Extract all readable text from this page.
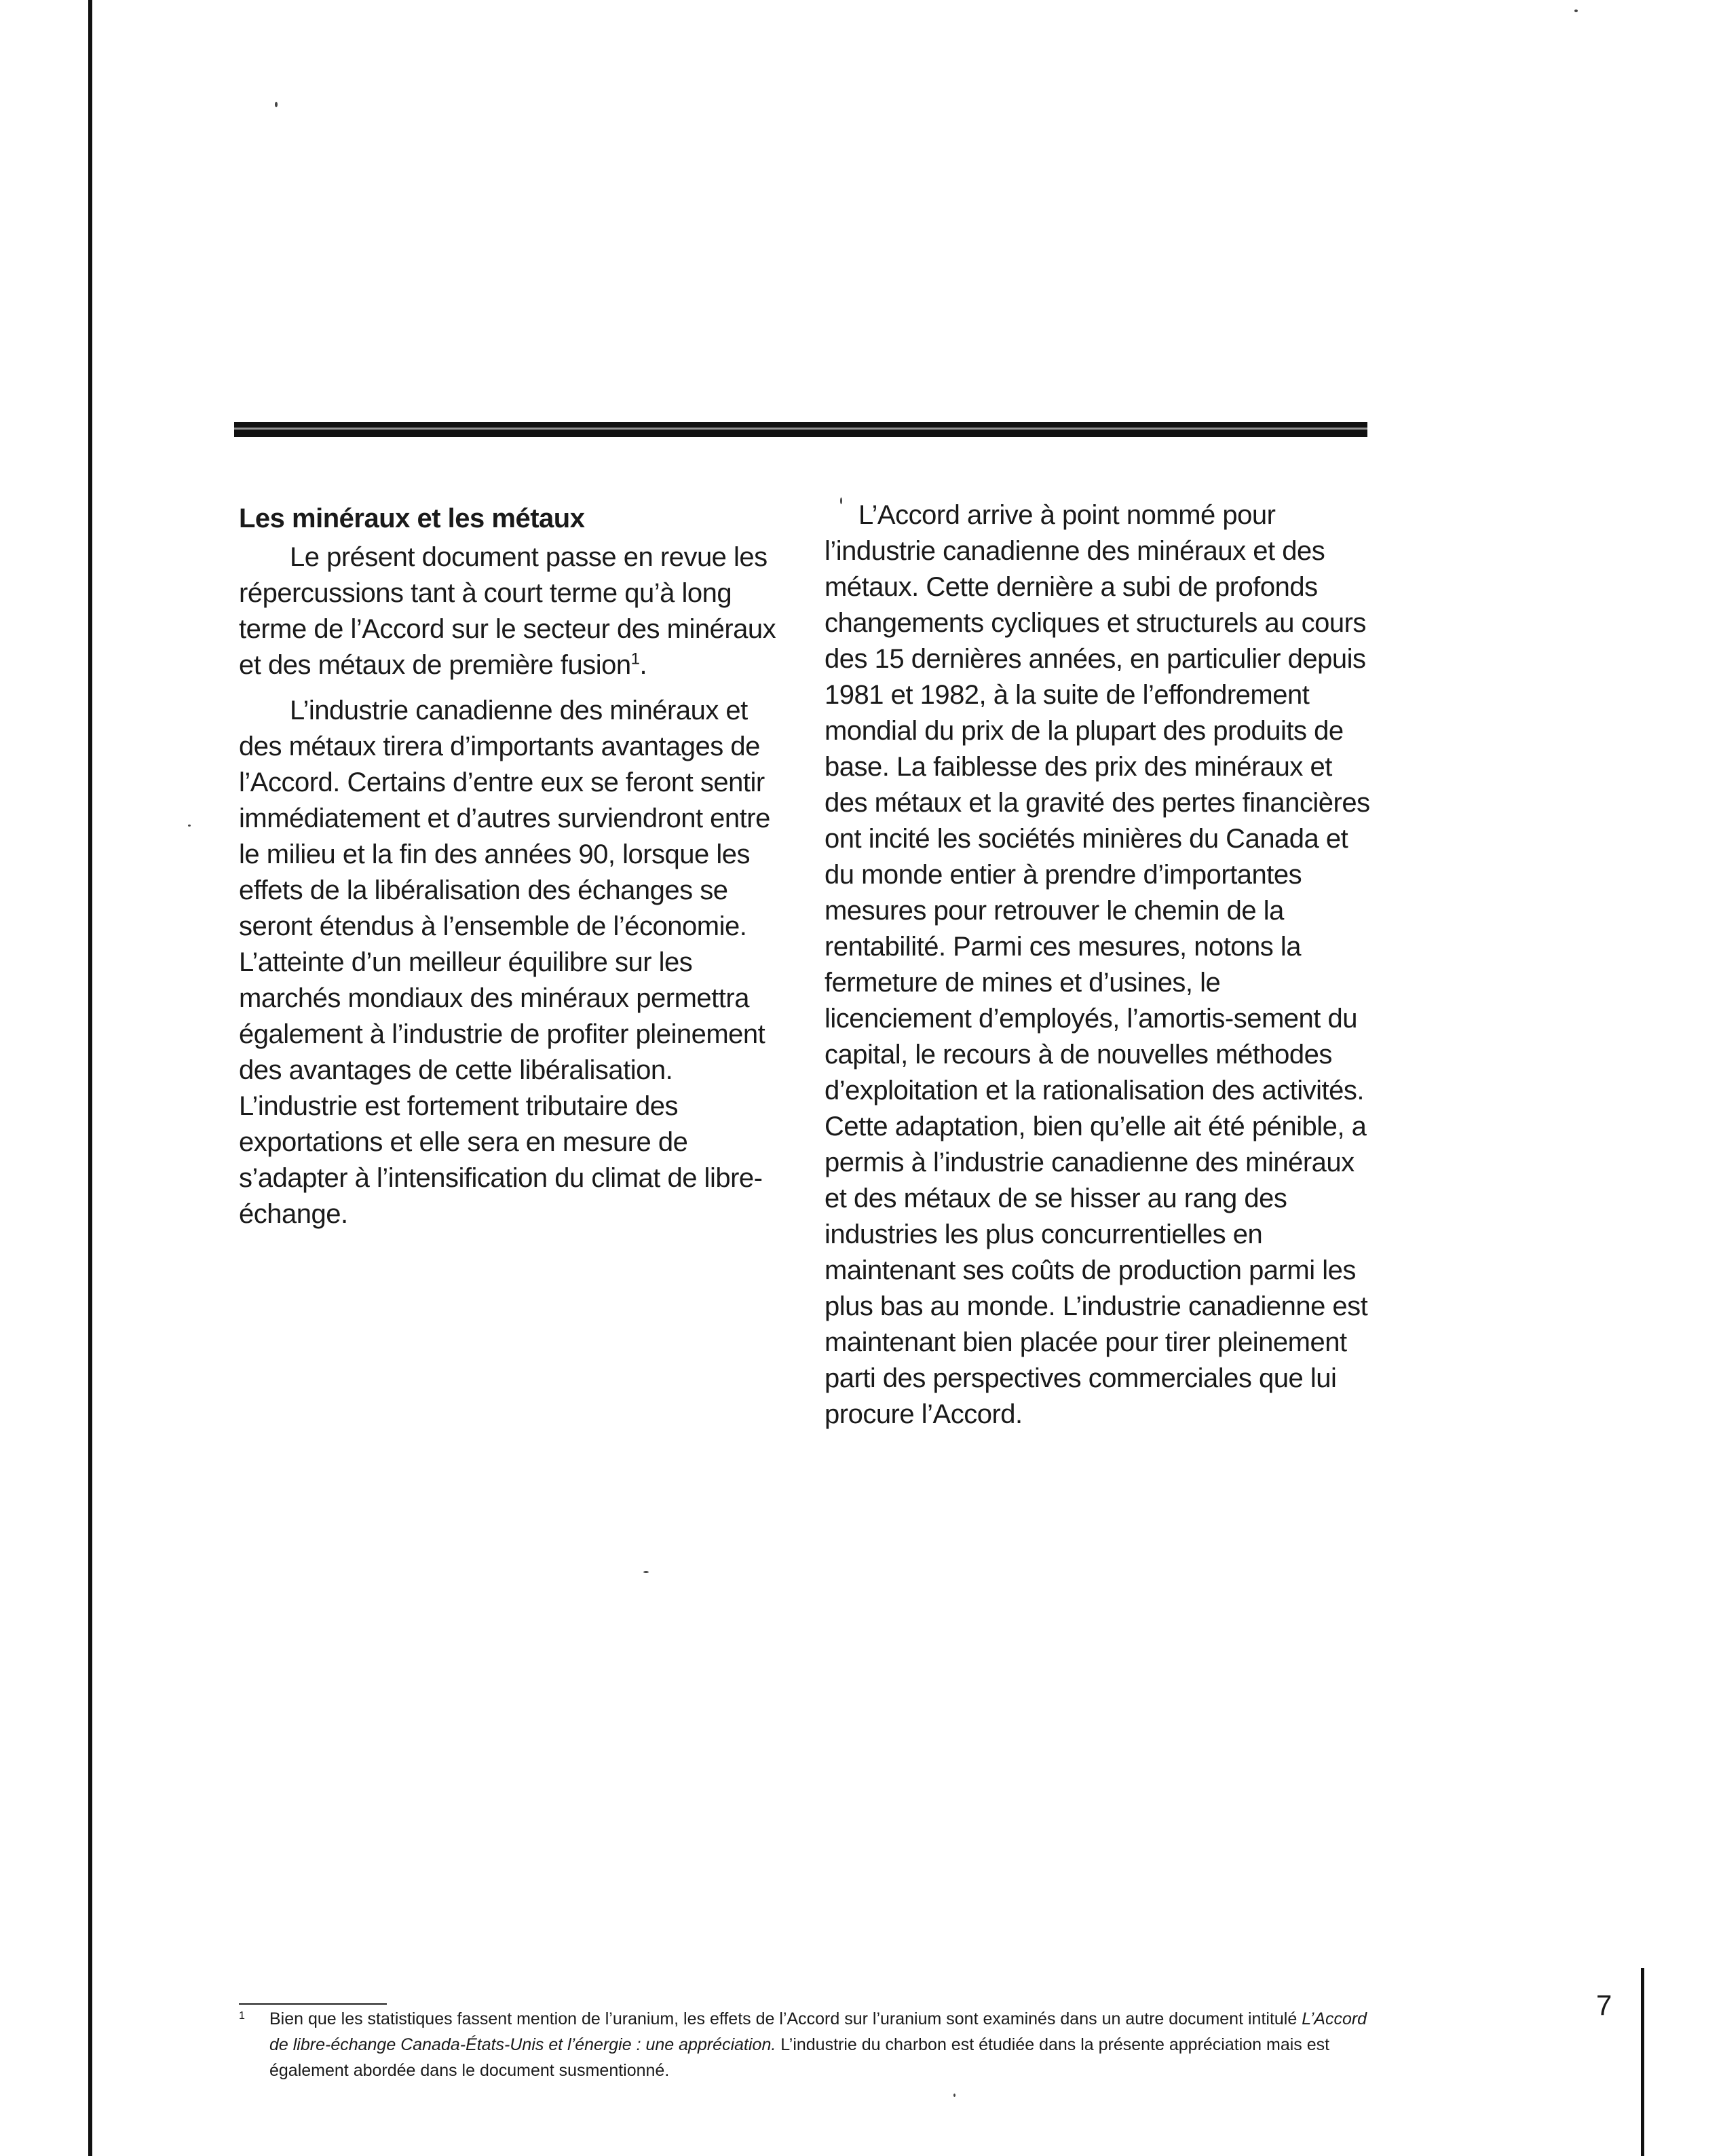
Les minéraux et les métaux

Le présent document passe en revue les répercussions tant à court terme qu’à long terme de l’Accord sur le secteur des minéraux et des métaux de première fusion$^1$.

L’industrie canadienne des minéraux et des métaux tirera d’importants avantages de l’Accord. Certains d’entre eux se feront sentir immédiatement et d’autres surviendront entre le milieu et la fin des années 90, lorsque les effets de la libéralisation des échanges se seront étendus à l’ensemble de l’économie. L’atteinte d’un meilleur équilibre sur les marchés mondiaux des minéraux permettra également à l’industrie de profiter pleinement des avantages de cette libéralisation. L’industrie est fortement tributaire des exportations et elle sera en mesure de s’adapter à l’intensification du climat de libre-échange.

L’Accord arrive à point nommé pour l’industrie canadienne des minéraux et des métaux. Cette dernière a subi de profonds changements cycliques et structurels au cours des 15 dernières années, en particulier depuis 1981 et 1982, à la suite de l’effondrement mondial du prix de la plupart des produits de base. La faiblesse des prix des minéraux et des métaux et la gravité des pertes financières ont incité les sociétés minières du Canada et du monde entier à prendre d’importantes mesures pour retrouver le chemin de la rentabilité. Parmi ces mesures, notons la fermeture de mines et d’usines, le licenciement d’employés, l’amortis-sement du capital, le recours à de nouvelles méthodes d’exploitation et la rationalisation des activités. Cette adaptation, bien qu’elle ait été pénible, a permis à l’industrie canadienne des minéraux et des métaux de se hisser au rang des industries les plus concurrentielles en maintenant ses coûts de production parmi les plus bas au monde. L’industrie canadienne est maintenant bien placée pour tirer pleinement parti des perspectives commerciales que lui procure l’Accord.

1	Bien que les statistiques fassent mention de l’uranium, les effets de l’Accord sur l’uranium sont examinés dans un autre document intitulé L’Accord de libre-échange Canada-États-Unis et l’énergie : une appréciation. L’industrie du charbon est étudiée dans la présente appréciation mais est également abordée dans le document susmentionné.
7
